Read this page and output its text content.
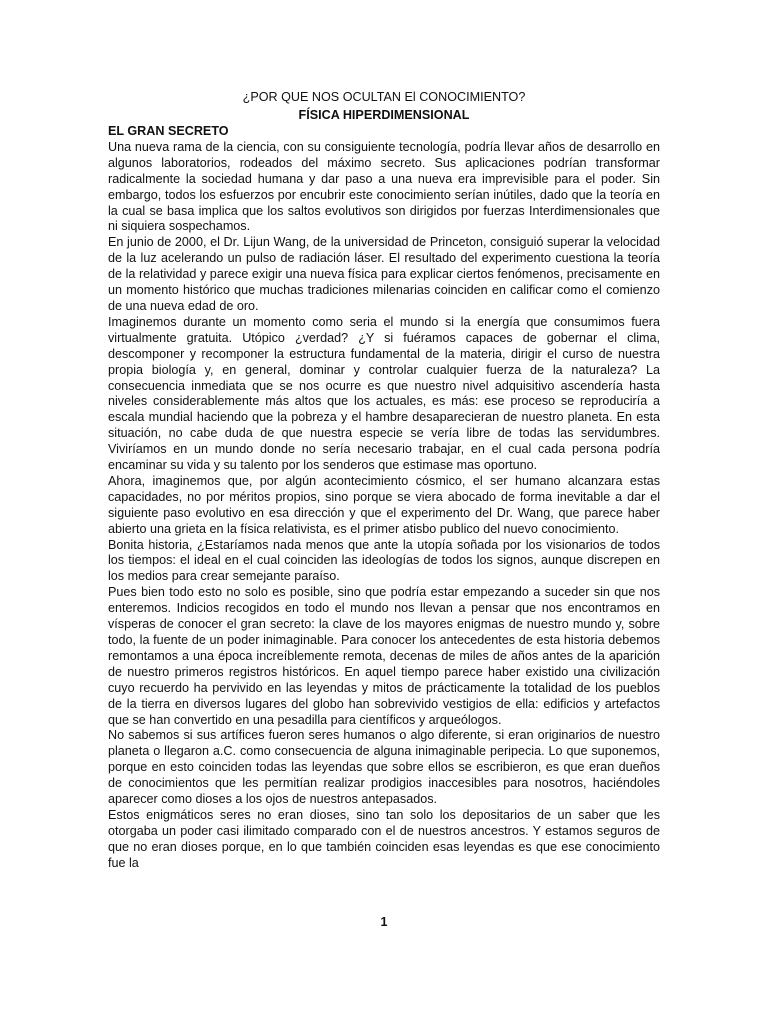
¿POR QUE NOS OCULTAN El CONOCIMIENTO?
FÍSICA HIPERDIMENSIONAL

EL GRAN SECRETO

Una nueva rama de la ciencia, con su consiguiente tecnología, podría llevar años de desarrollo en algunos laboratorios, rodeados del máximo secreto. Sus aplicaciones podrían transformar radicalmente la sociedad humana y dar paso a una nueva era imprevisible para el poder. Sin embargo, todos los esfuerzos por encubrir este conocimiento serían inútiles, dado que la teoría en la cual se basa implica que los saltos evolutivos son dirigidos por fuerzas Interdimensionales que ni siquiera sospechamos.

En junio de 2000, el Dr. Lijun Wang, de la universidad de Princeton, consiguió superar la velocidad de la luz acelerando un pulso de radiación láser. El resultado del experimento cuestiona la teoría de la relatividad y parece exigir una nueva física para explicar ciertos fenómenos, precisamente en un momento histórico que muchas tradiciones milenarias coinciden en calificar como el comienzo de una nueva edad de oro.

Imaginemos durante un momento como seria el mundo si la energía que consumimos fuera virtualmente gratuita. Utópico ¿verdad? ¿Y si fuéramos capaces de gobernar el clima, descomponer y recomponer la estructura fundamental de la materia, dirigir el curso de nuestra propia biología y, en general, dominar y controlar cualquier fuerza de la naturaleza? La consecuencia inmediata que se nos ocurre es que nuestro nivel adquisitivo ascendería hasta niveles considerablemente más altos que los actuales, es más: ese proceso se reproduciría a escala mundial haciendo que la pobreza y el hambre desaparecieran de nuestro planeta. En esta situación, no cabe duda de que nuestra especie se vería libre de todas las servidumbres. Viviríamos en un mundo donde no sería necesario trabajar, en el cual cada persona podría encaminar su vida y su talento por los senderos que estimase mas oportuno.

Ahora, imaginemos que, por algún acontecimiento cósmico, el ser humano alcanzara estas capacidades, no por méritos propios, sino porque se viera abocado de forma inevitable a dar el siguiente paso evolutivo en esa dirección y que el experimento del Dr. Wang, que parece haber abierto una grieta en la física relativista, es el primer atisbo publico del nuevo conocimiento.

Bonita historia, ¿Estaríamos nada menos que ante la utopía soñada por los visionarios de todos los tiempos: el ideal en el cual coinciden las ideologías de todos los signos, aunque discrepen en los medios para crear semejante paraíso.

Pues bien todo esto no solo es posible, sino que podría estar empezando a suceder sin que nos enteremos. Indicios recogidos en todo el mundo nos llevan a pensar que nos encontramos en vísperas de conocer el gran secreto: la clave de los mayores enigmas de nuestro mundo y, sobre todo, la fuente de un poder inimaginable. Para conocer los antecedentes de esta historia debemos remontamos a una época increíblemente remota, decenas de miles de años antes de la aparición de nuestro primeros registros históricos. En aquel tiempo parece haber existido una civilización cuyo recuerdo ha pervivido en las leyendas y mitos de prácticamente la totalidad de los pueblos de la tierra en diversos lugares del globo han sobrevivido vestigios de ella: edificios y artefactos que se han convertido en una pesadilla para científicos y arqueólogos.

No sabemos si sus artífices fueron seres humanos o algo diferente, si eran originarios de nuestro planeta o llegaron a.C. como consecuencia de alguna inimaginable peripecia. Lo que suponemos, porque en esto coinciden todas las leyendas que sobre ellos se escribieron, es que eran dueños de conocimientos que les permitían realizar prodigios inaccesibles para nosotros, haciéndoles aparecer como dioses a los ojos de nuestros antepasados.

Estos enigmáticos seres no eran dioses, sino tan solo los depositarios de un saber que les otorgaba un poder casi ilimitado comparado con el de nuestros ancestros. Y estamos seguros de que no eran dioses porque, en lo que también coinciden esas leyendas es que ese conocimiento fue la

1
